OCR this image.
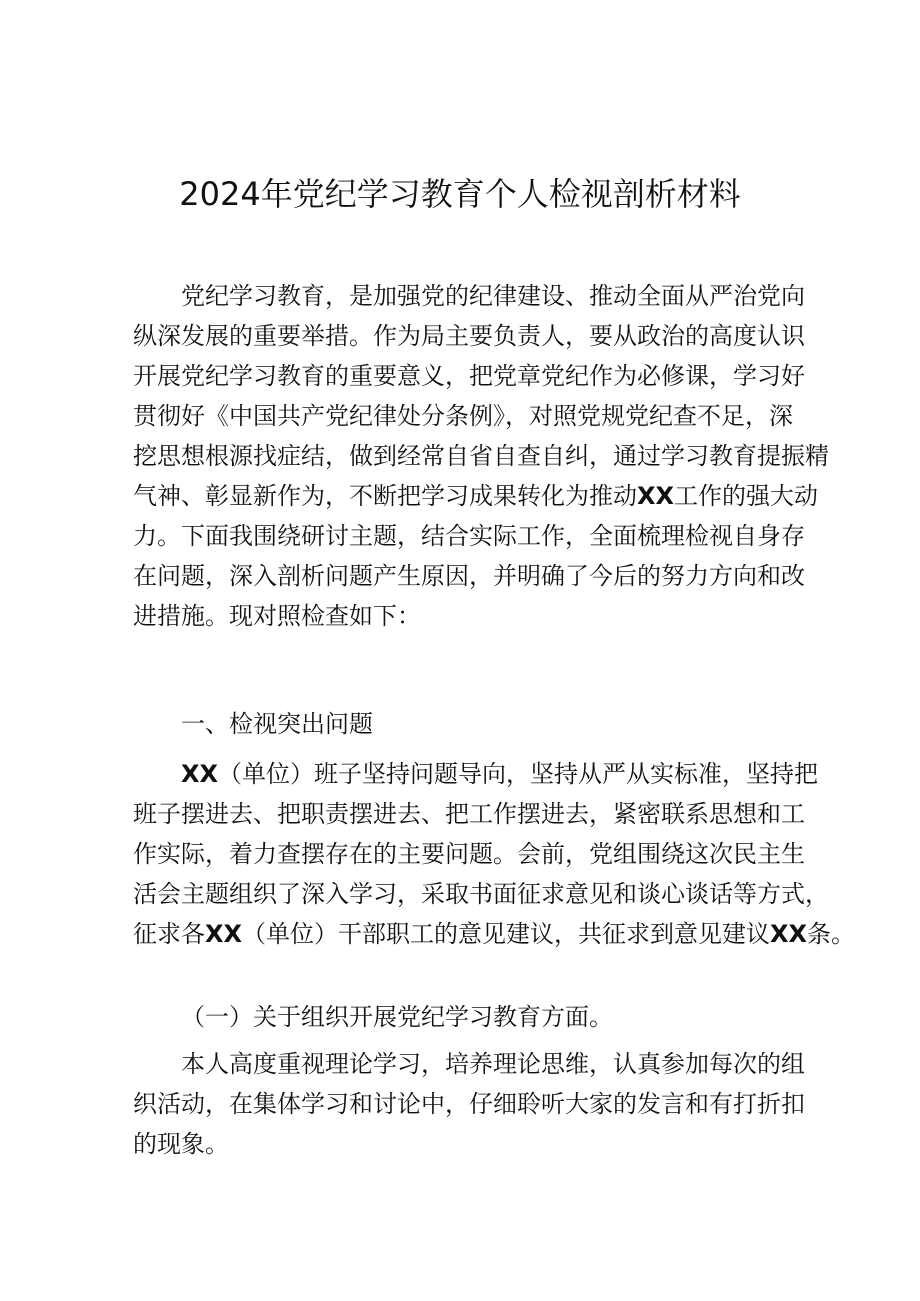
2024年党纪学习教育个人检视剖析材料
党纪学习教育，是加强党的纪律建设、推动全面从严治党向
纵深发展的重要举措。作为局主要负责人，要从政治的高度认识
开展党纪学习教育的重要意义，把党章党纪作为必修课，学习好
贯彻好《中国共产党纪律处分条例》，对照党规党纪查不足，深
挖思想根源找症结，做到经常自省自查自纠，通过学习教育提振精
气神、彰显新作为，不断把学习成果转化为推动XX工作的强大动
力。下面我围绕研讨主题，结合实际工作，全面梳理检视自身存
在问题，深入剖析问题产生原因，并明确了今后的努力方向和改
进措施。现对照检查如下：
一、检视突出问题
XX（单位）班子坚持问题导向，坚持从严从实标准，坚持把
班子摆进去、把职责摆进去、把工作摆进去，紧密联系思想和工
作实际，着力查摆存在的主要问题。会前，党组围绕这次民主生
活会主题组织了深入学习，采取书面征求意见和谈心谈话等方式，
征求各XX（单位）干部职工的意见建议，共征求到意见建议XX条。
（一）关于组织开展党纪学习教育方面。
本人高度重视理论学习，培养理论思维，认真参加每次的组
织活动，在集体学习和讨论中，仔细聆听大家的发言和有打折扣
的现象。
